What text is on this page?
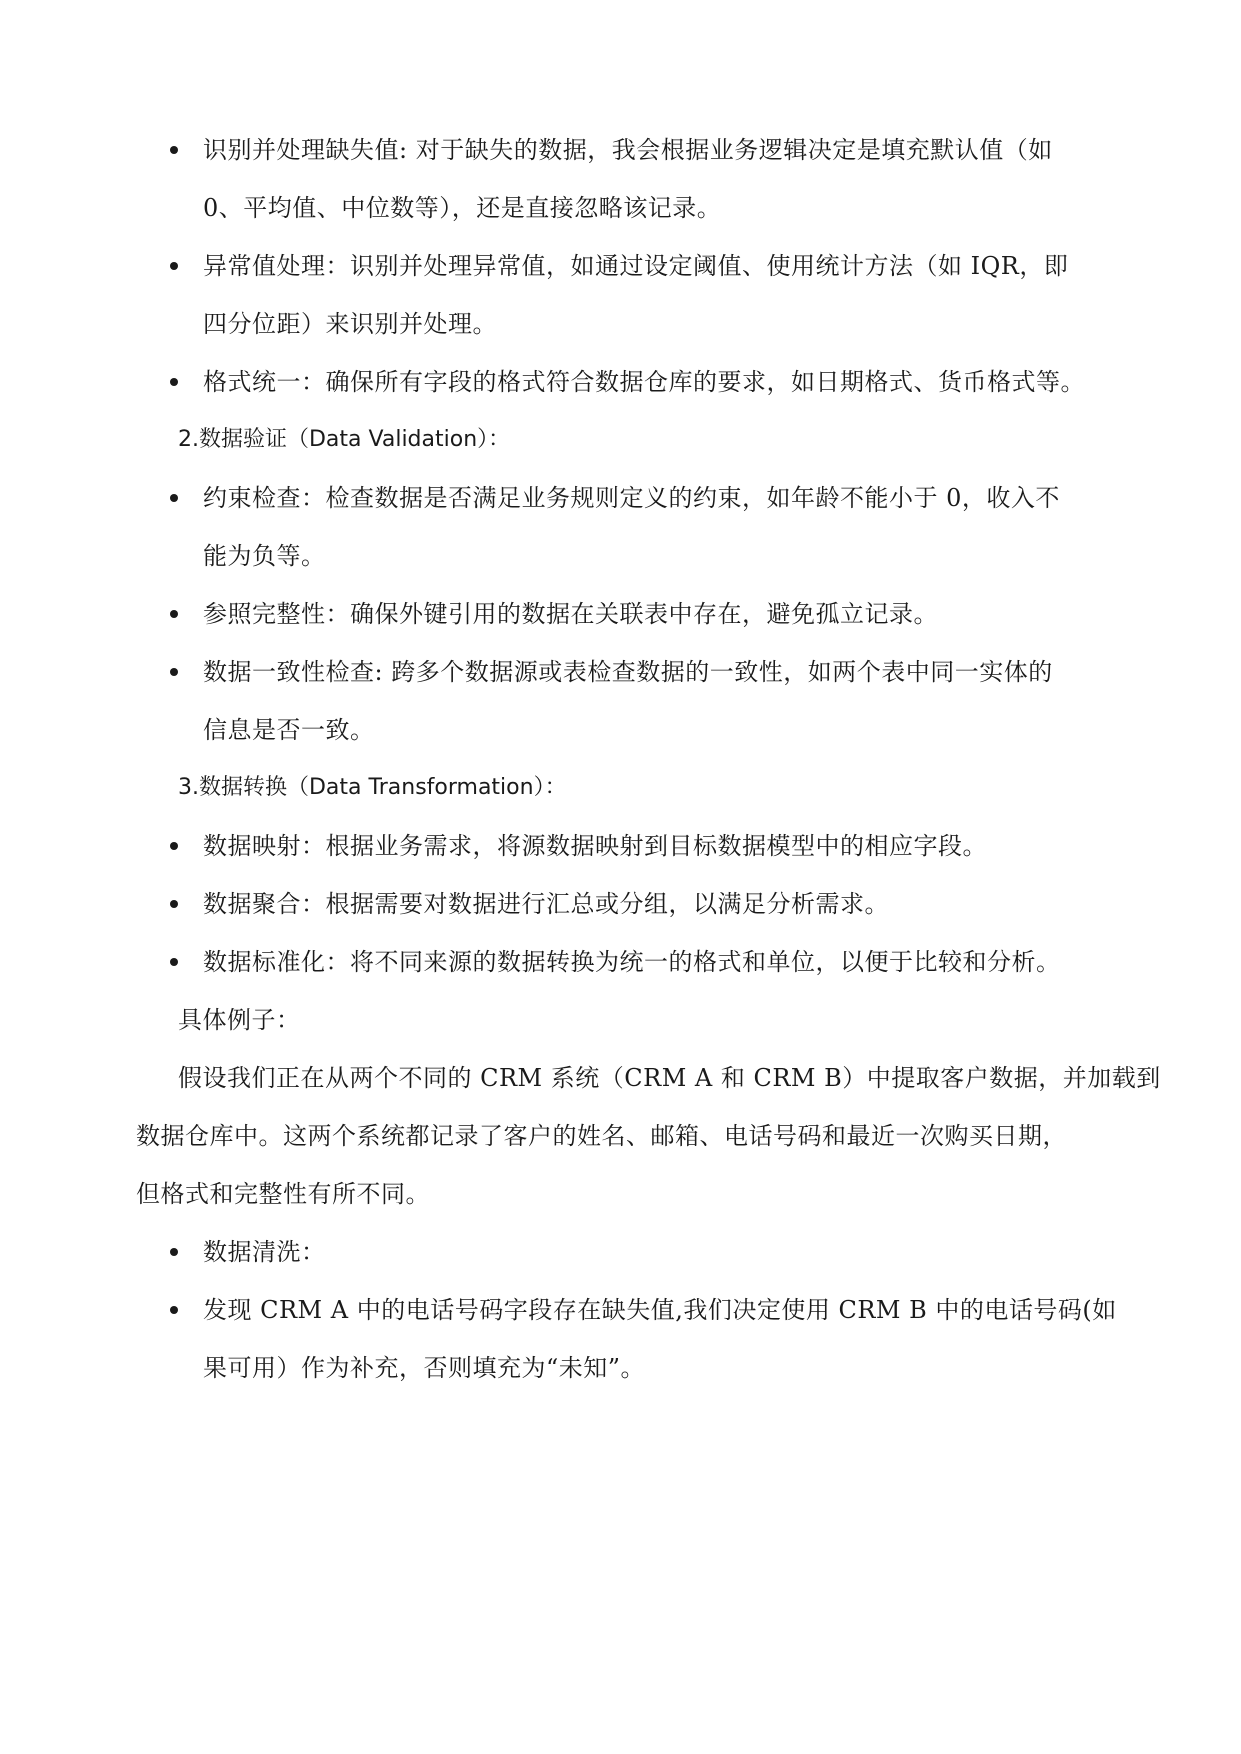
识别并处理缺失值: 对于缺失的数据，我会根据业务逻辑决定是填充默认值（如
0、平均值、中位数等），还是直接忽略该记录。
异常值处理：识别并处理异常值，如通过设定阈值、使用统计方法（如 IQR，即
四分位距）来识别并处理。
格式统一：确保所有字段的格式符合数据仓库的要求，如日期格式、货币格式等。
2.数据验证（Data Validation）：
约束检查：检查数据是否满足业务规则定义的约束，如年龄不能小于 0，收入不
能为负等。
参照完整性：确保外键引用的数据在关联表中存在，避免孤立记录。
数据一致性检查: 跨多个数据源或表检查数据的一致性，如两个表中同一实体的
信息是否一致。
3.数据转换（Data Transformation）：
数据映射：根据业务需求，将源数据映射到目标数据模型中的相应字段。
数据聚合：根据需要对数据进行汇总或分组，以满足分析需求。
数据标准化：将不同来源的数据转换为统一的格式和单位，以便于比较和分析。
具体例子：
假设我们正在从两个不同的 CRM 系统（CRM A 和 CRM B）中提取客户数据，并加载到
数据仓库中。这两个系统都记录了客户的姓名、邮箱、电话号码和最近一次购买日期，
但格式和完整性有所不同。
数据清洗：
发现 CRM A 中的电话号码字段存在缺失值,我们决定使用 CRM B 中的电话号码(如
果可用）作为补充，否则填充为“未知”。
